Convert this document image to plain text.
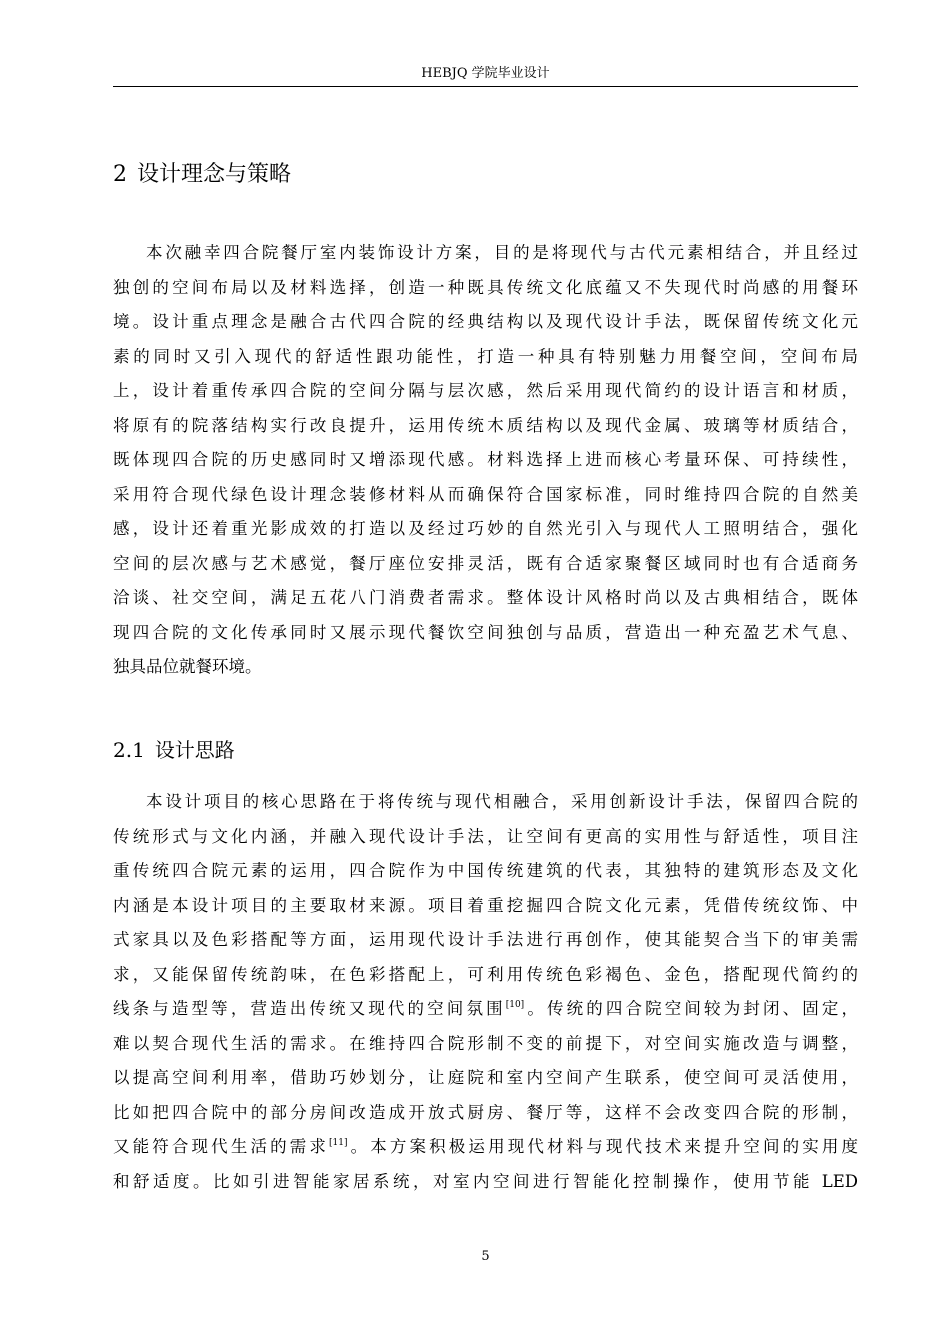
HEBJQ 学院毕业设计
2 设计理念与策略
本次融幸四合院餐厅室内装饰设计方案，目的是将现代与古代元素相结合，并且经过
独创的空间布局以及材料选择，创造一种既具传统文化底蕴又不失现代时尚感的用餐环
境。设计重点理念是融合古代四合院的经典结构以及现代设计手法，既保留传统文化元
素的同时又引入现代的舒适性跟功能性，打造一种具有特别魅力用餐空间，空间布局
上，设计着重传承四合院的空间分隔与层次感，然后采用现代简约的设计语言和材质，
将原有的院落结构实行改良提升，运用传统木质结构以及现代金属、玻璃等材质结合，
既体现四合院的历史感同时又增添现代感。材料选择上进而核心考量环保、可持续性，
采用符合现代绿色设计理念装修材料从而确保符合国家标准，同时维持四合院的自然美
感，设计还着重光影成效的打造以及经过巧妙的自然光引入与现代人工照明结合，强化
空间的层次感与艺术感觉，餐厅座位安排灵活，既有合适家聚餐区域同时也有合适商务
洽谈、社交空间，满足五花八门消费者需求。整体设计风格时尚以及古典相结合，既体
现四合院的文化传承同时又展示现代餐饮空间独创与品质，营造出一种充盈艺术气息、
独具品位就餐环境。
2.1 设计思路
本设计项目的核心思路在于将传统与现代相融合，采用创新设计手法，保留四合院的
传统形式与文化内涵，并融入现代设计手法，让空间有更高的实用性与舒适性，项目注
重传统四合院元素的运用，四合院作为中国传统建筑的代表，其独特的建筑形态及文化
内涵是本设计项目的主要取材来源。项目着重挖掘四合院文化元素，凭借传统纹饰、中
式家具以及色彩搭配等方面，运用现代设计手法进行再创作，使其能契合当下的审美需
求，又能保留传统韵味，在色彩搭配上，可利用传统色彩褐色、金色，搭配现代简约的
线条与造型等，营造出传统又现代的空间氛围[10]。传统的四合院空间较为封闭、固定，
难以契合现代生活的需求。在维持四合院形制不变的前提下，对空间实施改造与调整，
以提高空间利用率，借助巧妙划分，让庭院和室内空间产生联系，使空间可灵活使用，
比如把四合院中的部分房间改造成开放式厨房、餐厅等，这样不会改变四合院的形制，
又能符合现代生活的需求[11]。本方案积极运用现代材料与现代技术来提升空间的实用度
和舒适度。比如引进智能家居系统，对室内空间进行智能化控制操作，使用节能 LED
5
